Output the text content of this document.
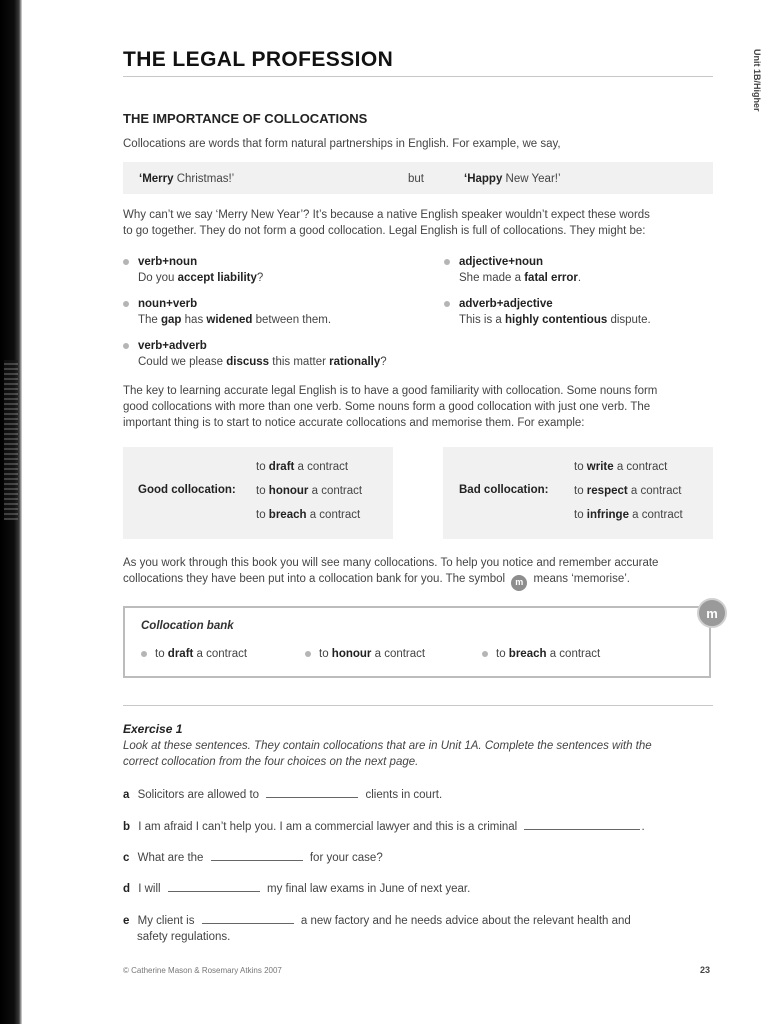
Unit 1B/Higher
THE LEGAL PROFESSION
THE IMPORTANCE OF COLLOCATIONS
Collocations are words that form natural partnerships in English. For example, we say,
‘Merry Christmas!’	but	‘Happy New Year!’
Why can’t we say ‘Merry New Year’? It’s because a native English speaker wouldn’t expect these words
to go together. They do not form a good collocation. Legal English is full of collocations. They might be:
verb+noun
Do you accept liability?
noun+verb
The gap has widened between them.
verb+adverb
Could we please discuss this matter rationally?
adjective+noun
She made a fatal error.
adverb+adjective
This is a highly contentious dispute.
The key to learning accurate legal English is to have a good familiarity with collocation. Some nouns form
good collocations with more than one verb. Some nouns form a good collocation with just one verb. The
important thing is to start to notice accurate collocations and memorise them. For example:
Good collocation:
to draft a contract
to honour a contract
to breach a contract
Bad collocation:
to write a contract
to respect a contract
to infringe a contract
As you work through this book you will see many collocations. To help you notice and remember accurate
collocations they have been put into a collocation bank for you. The symbol m means ‘memorise’.
m
Collocation bank
to draft a contract	to honour a contract	to breach a contract
Exercise 1
Look at these sentences. They contain collocations that are in Unit 1A. Complete the sentences with the
correct collocation from the four choices on the next page.
a Solicitors are allowed to	clients in court.
b I am afraid I can’t help you. I am a commercial lawyer and this is a criminal	.
c What are the	for your case?
d I will	my final law exams in June of next year.
e My client is	a new factory and he needs advice about the relevant health and
safety regulations.
© Catherine Mason & Rosemary Atkins 2007	23
